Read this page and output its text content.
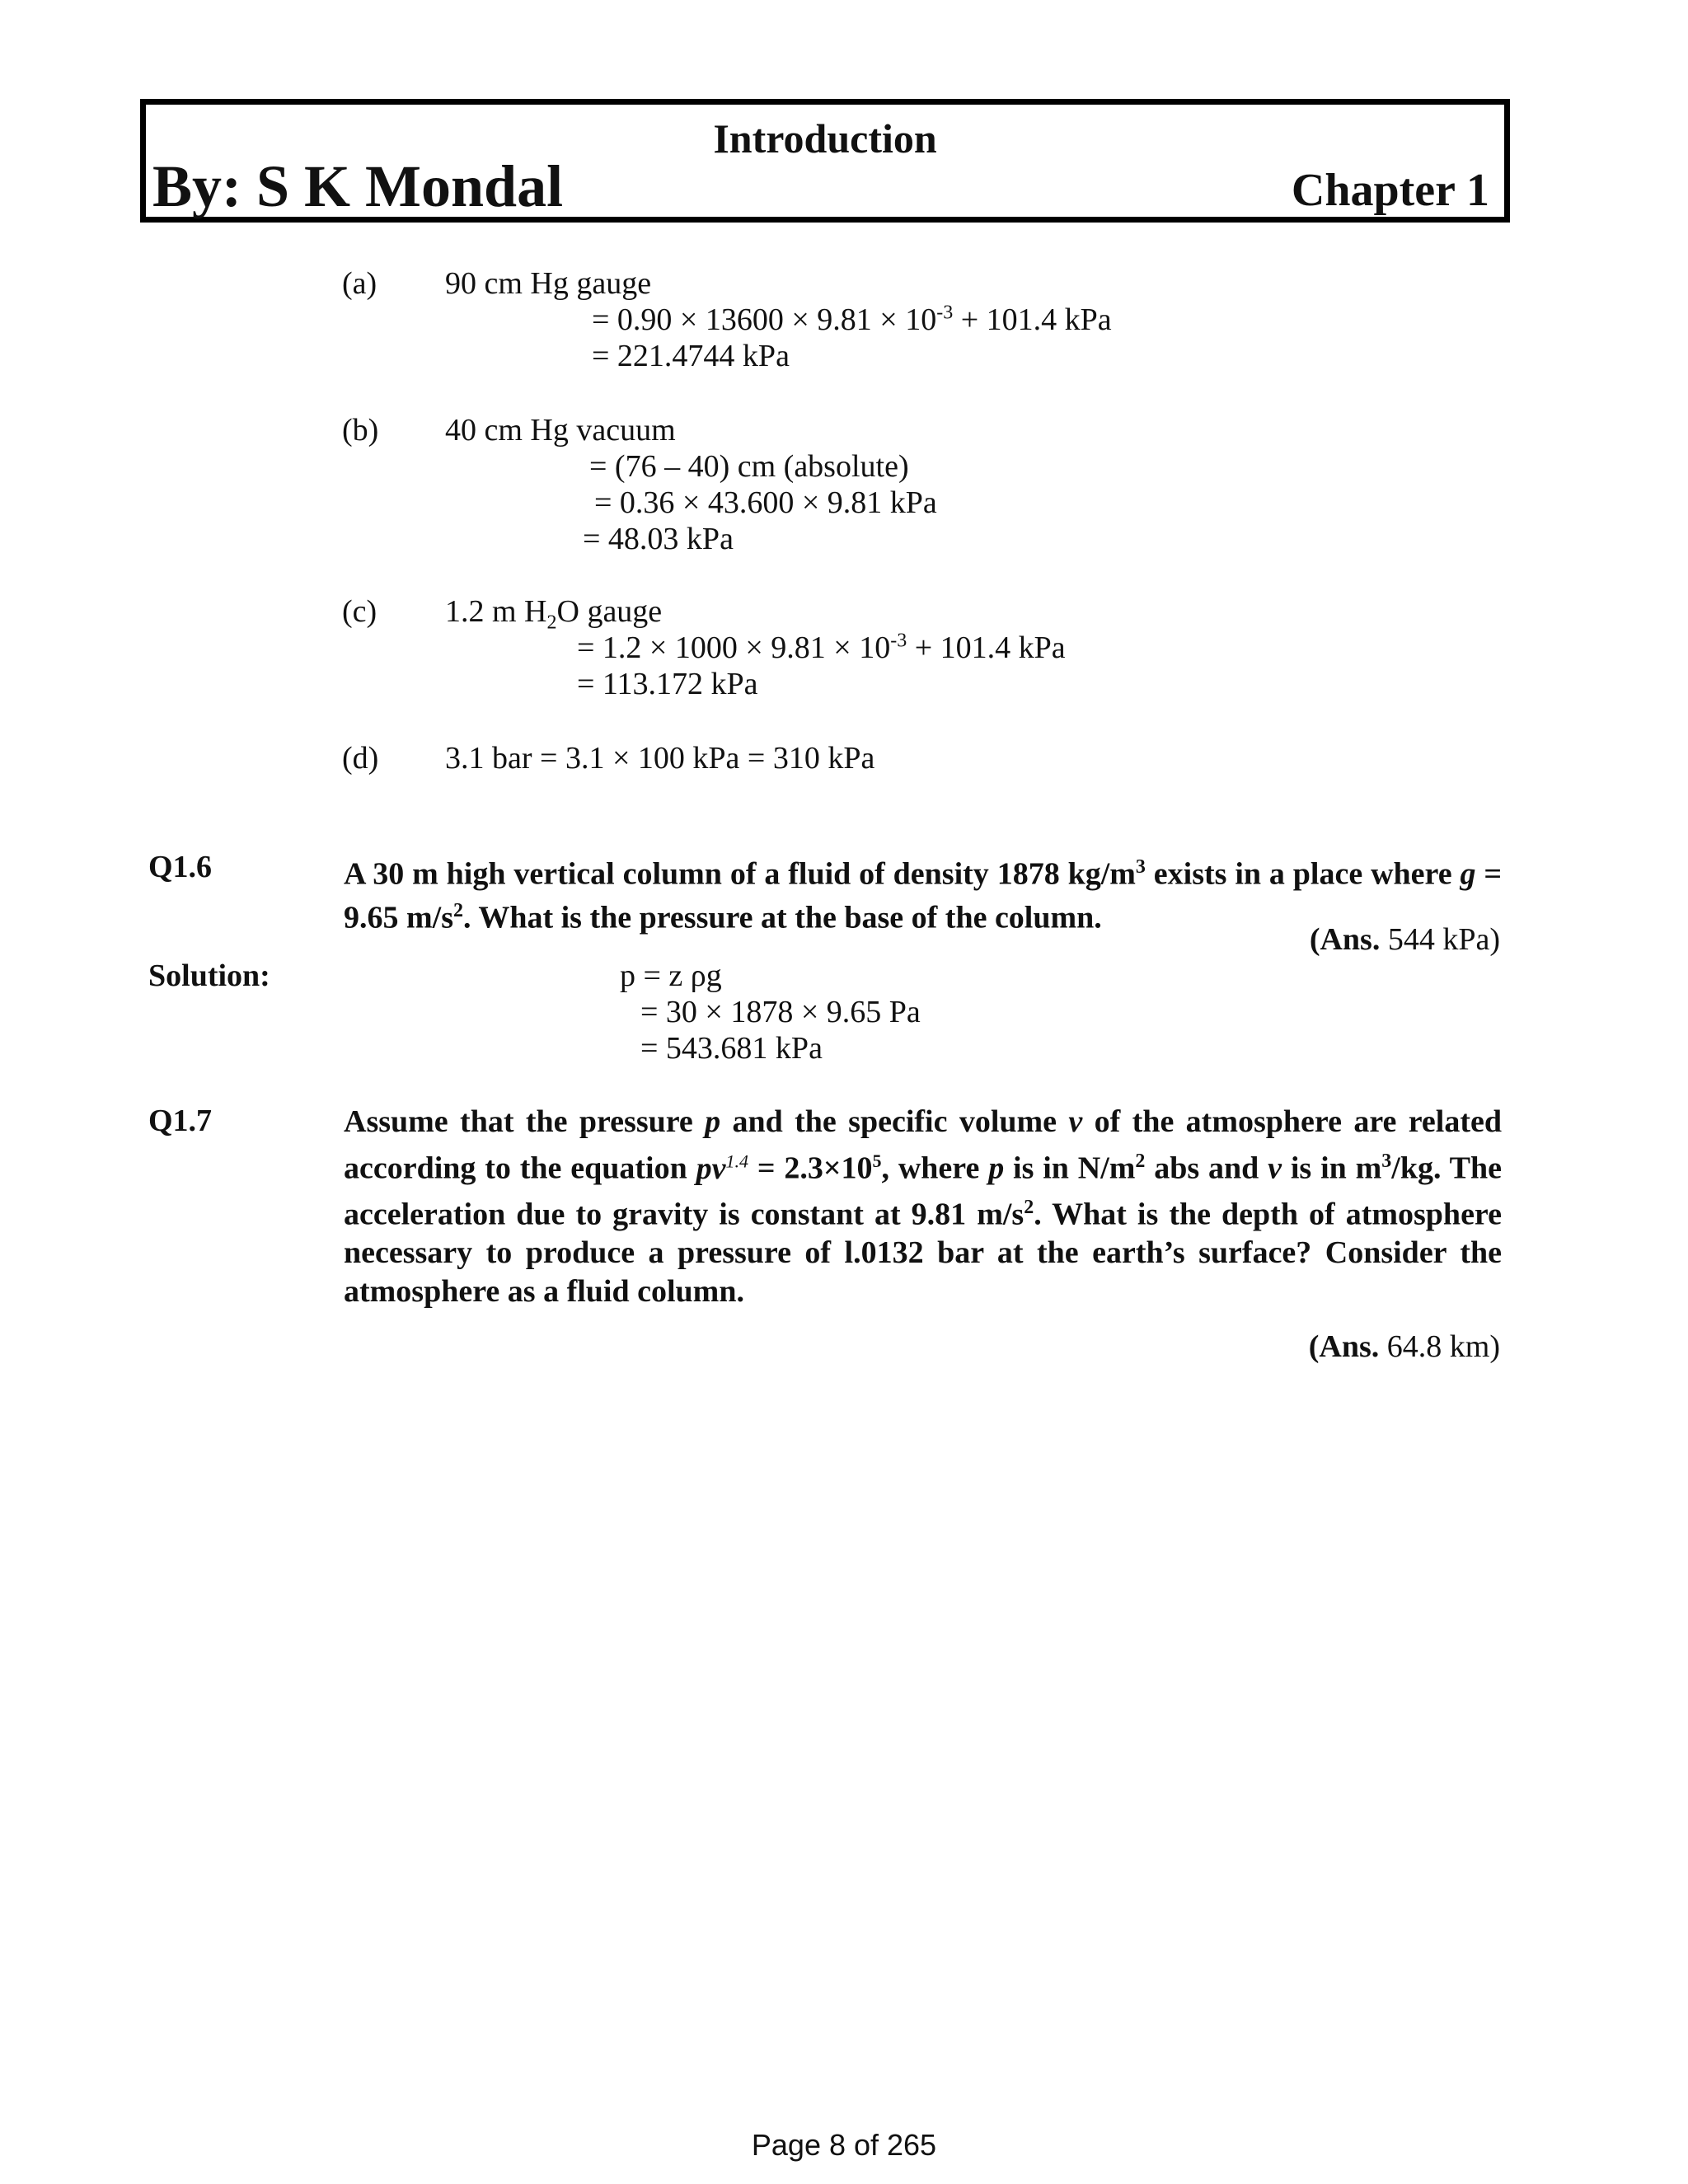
Introduction
By: S K Mondal	Chapter 1
(a) 90 cm Hg gauge
= $0.90 \times 13600 \times 9.81 \times 10^{-3} + 101.4$ kPa
= 221.4744 kPa
(b) 40 cm Hg vacuum
= (76 – 40) cm (absolute)
= 0.36 × 43.600 × 9.81 kPa
= 48.03 kPa
(c) 1.2 m $H_2O$ gauge
= $1.2 \times 1000 \times 9.81 \times 10^{-3} + 101.4$ kPa
= 113.172 kPa
(d) 3.1 bar = 3.1 × 100 kPa = 310 kPa
Q1.6	A 30 m high vertical column of a fluid of density 1878 $kg/m^3$ exists in a place where g = 9.65 $m/s^2$. What is the pressure at the base of the column.
(Ans. 544 kPa)
Solution:	p = z ρg
= 30 × 1878 × 9.65 Pa
= 543.681 kPa
Q1.7	Assume that the pressure p and the specific volume v of the atmosphere are related according to the equation $pv^{1.4} = 2.3\times 10^5$, where p is in $N/m^2$ abs and v is in $m^3/kg$. The acceleration due to gravity is constant at 9.81 $m/s^2$. What is the depth of atmosphere necessary to produce a pressure of l.0132 bar at the earth’s surface? Consider the atmosphere as a fluid column.
(Ans. 64.8 km)
Page 8 of 265
